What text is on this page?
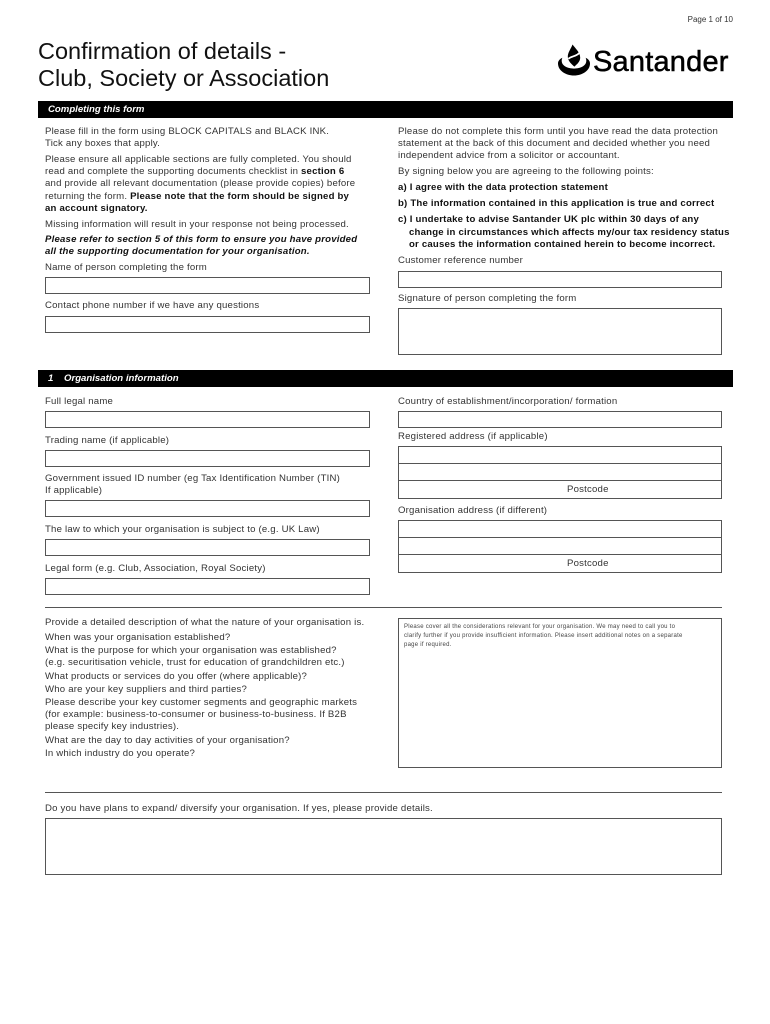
Page 1 of 10
Confirmation of details -
Club, Society or Association	Santander
Completing this form
Please fill in the form using BLOCK CAPITALS and BLACK INK.
Tick any boxes that apply.
Please ensure all applicable sections are fully completed. You should
read and complete the supporting documents checklist in section 6
and provide all relevant documentation (please provide copies) before
returning the form. Please note that the form should be signed by
an account signatory.
Missing information will result in your response not being processed.
Please refer to section 5 of this form to ensure you have provided
all the supporting documentation for your organisation.
Name of person completing the form
Contact phone number if we have any questions
Please do not complete this form until you have read the data protection
statement at the back of this document and decided whether you need
independent advice from a solicitor or accountant.
By signing below you are agreeing to the following points:
a) I agree with the data protection statement
b) The information contained in this application is true and correct
c) I undertake to advise Santander UK plc within 30 days of any
change in circumstances which affects my/our tax residency status
or causes the information contained herein to become incorrect.
Customer reference number
Signature of person completing the form
1 Organisation information
Full legal name
Trading name (if applicable)
Government issued ID number (eg Tax Identification Number (TIN)
If applicable)
The law to which your organisation is subject to (e.g. UK Law)
Legal form (e.g. Club, Association, Royal Society)
Country of establishment/incorporation/ formation
Registered address (if applicable)
Postcode
Organisation address (if different)
Postcode
Provide a detailed description of what the nature of your organisation is.
When was your organisation established?
What is the purpose for which your organisation was established?
(e.g. securitisation vehicle, trust for education of grandchildren etc.)
What products or services do you offer (where applicable)?
Who are your key suppliers and third parties?
Please describe your key customer segments and geographic markets
(for example: business-to-consumer or business-to-business. If B2B
please specify key industries).
What are the day to day activities of your organisation?
In which industry do you operate?
Please cover all the considerations relevant for your organisation. We may need to call you to
clarify further if you provide insufficient information. Please insert additional notes on a separate
page if required.
Do you have plans to expand/ diversify your organisation. If yes, please provide details.
